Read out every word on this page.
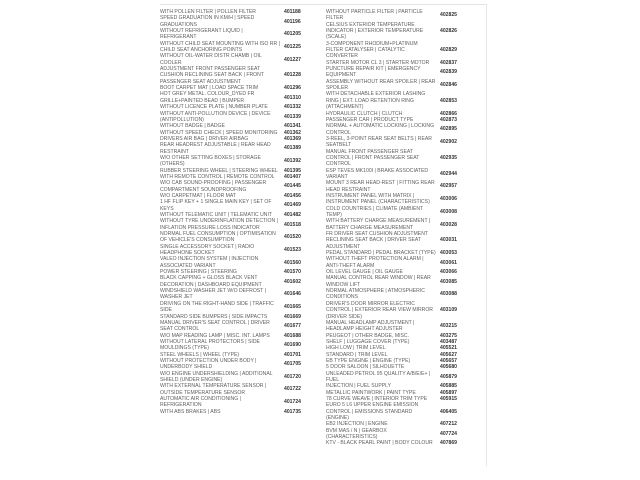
WITH POLLEN FILTER | POLLEN FILTER	401188
SPEED GRADUATION IN KM/H | SPEED GRADUATIONS
401196
WITHOUT REFRIGERANT LIQUID | REFRIGERANT
401205
WITHOUT CHILD SEAT MOUNTING WITH ISO RR | CHILD SEAT ANCHORING POINTS
401225
WITHOUT OIL-WATER DISTR CHAMB | OIL COOLER
401227
ADJUSTMENT FRONT PASSENGER SEAT CUSHION RECLINING SEAT BACK | FRONT PASSENGER SEAT ADJUSTMENT
401228
BOOT CARPET MAT | LOAD SPACE TRIM	401296
HOT GREY METAL. COLOUR_DYED FR GRILLE+PAINTED BEAD | BUMPER
401310
WITHOUT LICENCE PLATE | NUMBER PLATE	401332
WITHOUT ANTI-POLLUTION DEVICE | DEVICE (ANTIPOLLUTION)
401339
WITHOUT BADGE | BADGE	401341
WITHOUT SPEED CHECK | SPEED MONITORING	401362
DRIVERS AIR BAG | DRIVER AIRBAG	401369
REAR HEADREST ADJUSTABLE | REAR HEAD RESTRAINT
401389
W/O OTHER SETTING BOXES | STORAGE (OTHERS)
401392
RUBBER STEERING WHEEL | STEERING WHEEL	401395
WITH REMOTE CONTROL | REMOTE CONTROL	401407
W/O CAB SOUND-PROOFING | PASSENGER COMPARTMENT SOUNDPROOFING
401445
W/O CARPETMAT | FLOOR MAT	401456
1 HF FLIP KEY + 1 SINGLE MAIN KEY | SET OF KEYS
401469
WITHOUT TELEMATIC UNIT | TELEMATIC UNIT	401482
WITHOUT TYRE UNDERINFLATION DETECTION | INFLATION PRESSURE LOSS INDICATOR
401518
NORMAL FUEL CONSUMPTION | OPTIMISATION OF VEHICLE'S CONSUMPTION
401520
SINGLE ACCESSORY SOCKET | RADIO HEADPHONE SOCKET
401523
VALEO INJECTION SYSTEM | INJECTION ASSOCIATED VARIANT
401560
POWER STEERING | STEERING	401570
BLACK CAPPING + GLOSS BLACK VENT DECORATION | DASHBOARD EQUIPMENT
401602
WINDSHIELD WASHER JET W/O DEFROST | WASHER JET
401646
DRIVING ON THE RIGHT-HAND SIDE | TRAFFIC SIDE
401665
STANDARD SIDE BUMPERS | SIDE IMPACTS	401669
MANUAL DRIVER'S SEAT CONTROL | DRIVER SEAT CONTROL
401677
W/O MAP READING LAMP | MISC. INT. LAMPS	401688
WITHOUT LATERAL PROTECTORS | SIDE MOULDINGS (TYPE)
401690
STEEL WHEELS | WHEEL (TYPE)	401701
WITHOUT PROTECTION UNDER BODY | UNDERBODY SHIELD
401705
W/O ENGINE UNDERSHIELDING | ADDITIONAL SHIELD (UNDER ENGINE)
401720
WITH EXTERNAL TEMPERATURE SENSOR | OUTSIDE TEMPERATURE SENSOR
401722
AUTOMATIC AIR CONDITIONING | REFRIGERATION
401724
WITH ABS BRAKES | ABS	401735
WITHOUT PARTICLE FILTER | PARTICLE FILTER
402825
CELSIUS EXTERIOR TEMPERATURE INDICATOR | EXTERIOR TEMPERATURE (SCALE)
402826
3-COMPONENT RHODIUM+PLATINUM FILTER CATALYSER | CATALYTIC CONVERTER
402829
STARTER MOTOR CL 3 | STARTER MOTOR	402837
PUNCTURE REPAIR KIT | EMERGENCY EQUIPMENT
402839
ASSEMBLY WITHOUT REAR SPOILER | REAR SPOILER
402846
WITH DETACHABLE EXTERIOR LASHING RING | EXT. LOAD RETENTION RING (ATTACHMENT)
402853
HYDRAULIC CLUTCH | CLUTCH	402866
PASSENGER CAR | PRODUCT TYPE	402873
NORMAL + AUTOMATIC LOCKING | LOCKING CONTROL
402895
3-REEL, 3-POINT REAR SEAT BELTS | REAR SEATBELT
402902
MANUAL FRONT PASSENGER SEAT CONTROL | FRONT PASSENGER SEAT CONTROL
402935
ESP TEVES MK100I | BRAKE ASSOCIATED VARIANT
402944
MOUNT 3 REAR HEAD-REST | FITTING REAR HEAD RESTRAINT
402957
INSTRUMENT PANEL WITH MATRIX | INSTRUMENT PANEL (CHARACTERISTICS)
403006
COLD COUNTRIES | CLIMATE (AMBIENT TEMP)
403008
WITH BATTERY CHARGE MEASUREMENT | BATTERY CHARGE MEASUREMENT
403028
FR DRIVER SEAT CUSHION ADJUSTMENT RECLINING SEAT BACK | DRIVER SEAT ADJUSTMENT
403031
PEDAL STANDARD | PEDAL BRACKET (TYPE) 403053
WITHOUT THEFT PROTECTION ALARM | ANTI-THEFT ALARM
403061
OIL LEVEL GAUGE | OIL GAUGE	403066
MANUAL CONTROL REAR WINDOW | REAR WINDOW LIFT
403085
NORMAL ATMOSPHERE | ATMOSPHERIC CONDITIONS
403088
DRIVER'S DOOR MIRROR ELECTRIC CONTROL | EXTERIOR REAR VIEW MIRROR (DRIVER SIDE)
403109
MANUAL HEADLAMP ADJUSTMENT | HEADLAMP HEIGHT ADJUSTER
403215
PEUGEOT | OTHER BADGE, MISC.	403275
SHELF | LUGGAGE COVER (TYPE)	403487
HIGH LOW | TRIM LEVEL	405521
STANDARD | TRIM LEVEL	405627
EB TYPE ENGINE | ENGINE (TYPE)	405657
5 DOOR SALOON | SILHOUETTE	405680
UNLEADED PETROL 95 QUALITY A/B/E/E+ | FUEL
405879
INJECTION | FUEL SUPPLY	405885
METALLIC PAINTWORK | PAINT TYPE	405897
78 CURVE WEAVE | INTERIOR TRIM TYPE	405915
EURO 5 L6 UPPER ENGINE EMISSION CONTROL | EMISSIONS STANDARD (ENGINE)
406405
EB2 INJECTION | ENGINE	407212
BVM MAS / N | GEARBOX (CHARACTERISTICS)
407724
KTV - BLACK PEARL PAINT | BODY COLOUR	407869
